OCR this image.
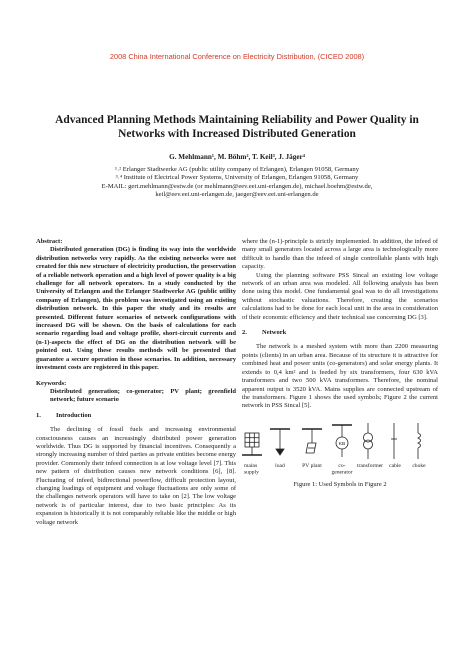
2008 China International Conference on Electricity Distribution, (CICED 2008)
Advanced Planning Methods Maintaining Reliability and Power Quality in Networks with Increased Distributed Generation
G. Mehlmann¹, M. Böhm², T. Keil³, J. Jäger⁴
¹˒² Erlanger Stadtwerke AG (public utility company of Erlangen), Erlangen 91058, Germany
³˒⁴ Institute of Electrical Power Systems, University of Erlangen, Erlangen 91058, Germany
E-MAIL: gert.mehlmann@estw.de (or mehlmann@eev.eei.uni-erlangen.de), michael.boehm@estw.de,
keil@eev.eei.uni-erlangen.de, jaeger@eev.eei.uni-erlangen.de
Abstract:
Distributed generation (DG) is finding its way into the worldwide distribution networks very rapidly. As the existing networks were not created for this new structure of electricity production, the preservation of a reliable network operation and a high level of power quality is a big challenge for all network operators. In a study conducted by the University of Erlangen and the Erlanger Stadtwerke AG (public utility company of Erlangen), this problem was investigated using an existing distribution network. In this paper the study and its results are presented. Different future scenarios of network configurations with increased DG will be shown. On the basis of calculations for each scenario regarding load and voltage profile, short-circuit currents and (n-1)-aspects the effect of DG on the distribution network will be pointed out. Using these results methods will be presented that guarantee a secure operation in those scenarios. In addition, necessary investment costs are registered in this paper.
Keywords:
Distributed generation; co-generator; PV plant; greenfield network; future scenario
1. Introduction

The declining of fossil fuels and increasing environmental consciousness causes an increasingly distributed power generation worldwide. Thus DG is supported by financial incentives. Consequently a strongly increasing number of third parties as private entities become energy provider. Commonly their infeed connection is at low voltage level [7]. This new pattern of distribution causes new network conditions [6], [8]. Fluctuating of infeed, bidirectional powerflow, difficult protection layout, changing loadings of equipment and voltage fluctuations are only some of the challenges network operators will have to take on [2]. The low voltage network is of particular interest, due to two basic principles: As its expansion is historically it is not comparably reliable like the middle or high voltage network

where the (n-1)-principle is strictly implemented. In addition, the infeed of many small generators located across a large area is technologically more difficult to handle than the infeed of single controllable plants with high capacity.

Using the planning software PSS Sincal an existing low voltage network of an urban area was modeled. All following analysis has been done using this model. One fundamental goal was to do all investigations without stochastic valuations. Therefore, creating the scenarios calculations had to be done for each local unit in the area in consideration of their economic efficiency and their technical use concerning DG [3].

2. Network

The network is a meshed system with more than 2200 measuring points (clients) in an urban area. Because of its structure it is attractive for combined heat and power units (co-generators) and solar energy plants. It extends to 0,4 km² and is feeded by six transformers, four 630 kVA transformers and two 500 kVA transformers. Therefore, the nominal apparent output is 3520 kVA. Mains supplies are connected upstream of the transformers. Figure 1 shows the used symbols; Figure 2 the current network in PSS Sincal [5].

KB
mains
supply
load	PV plant	co-
generator
transformer cable choke
Figure 1: Used Symbols in Figure 2
